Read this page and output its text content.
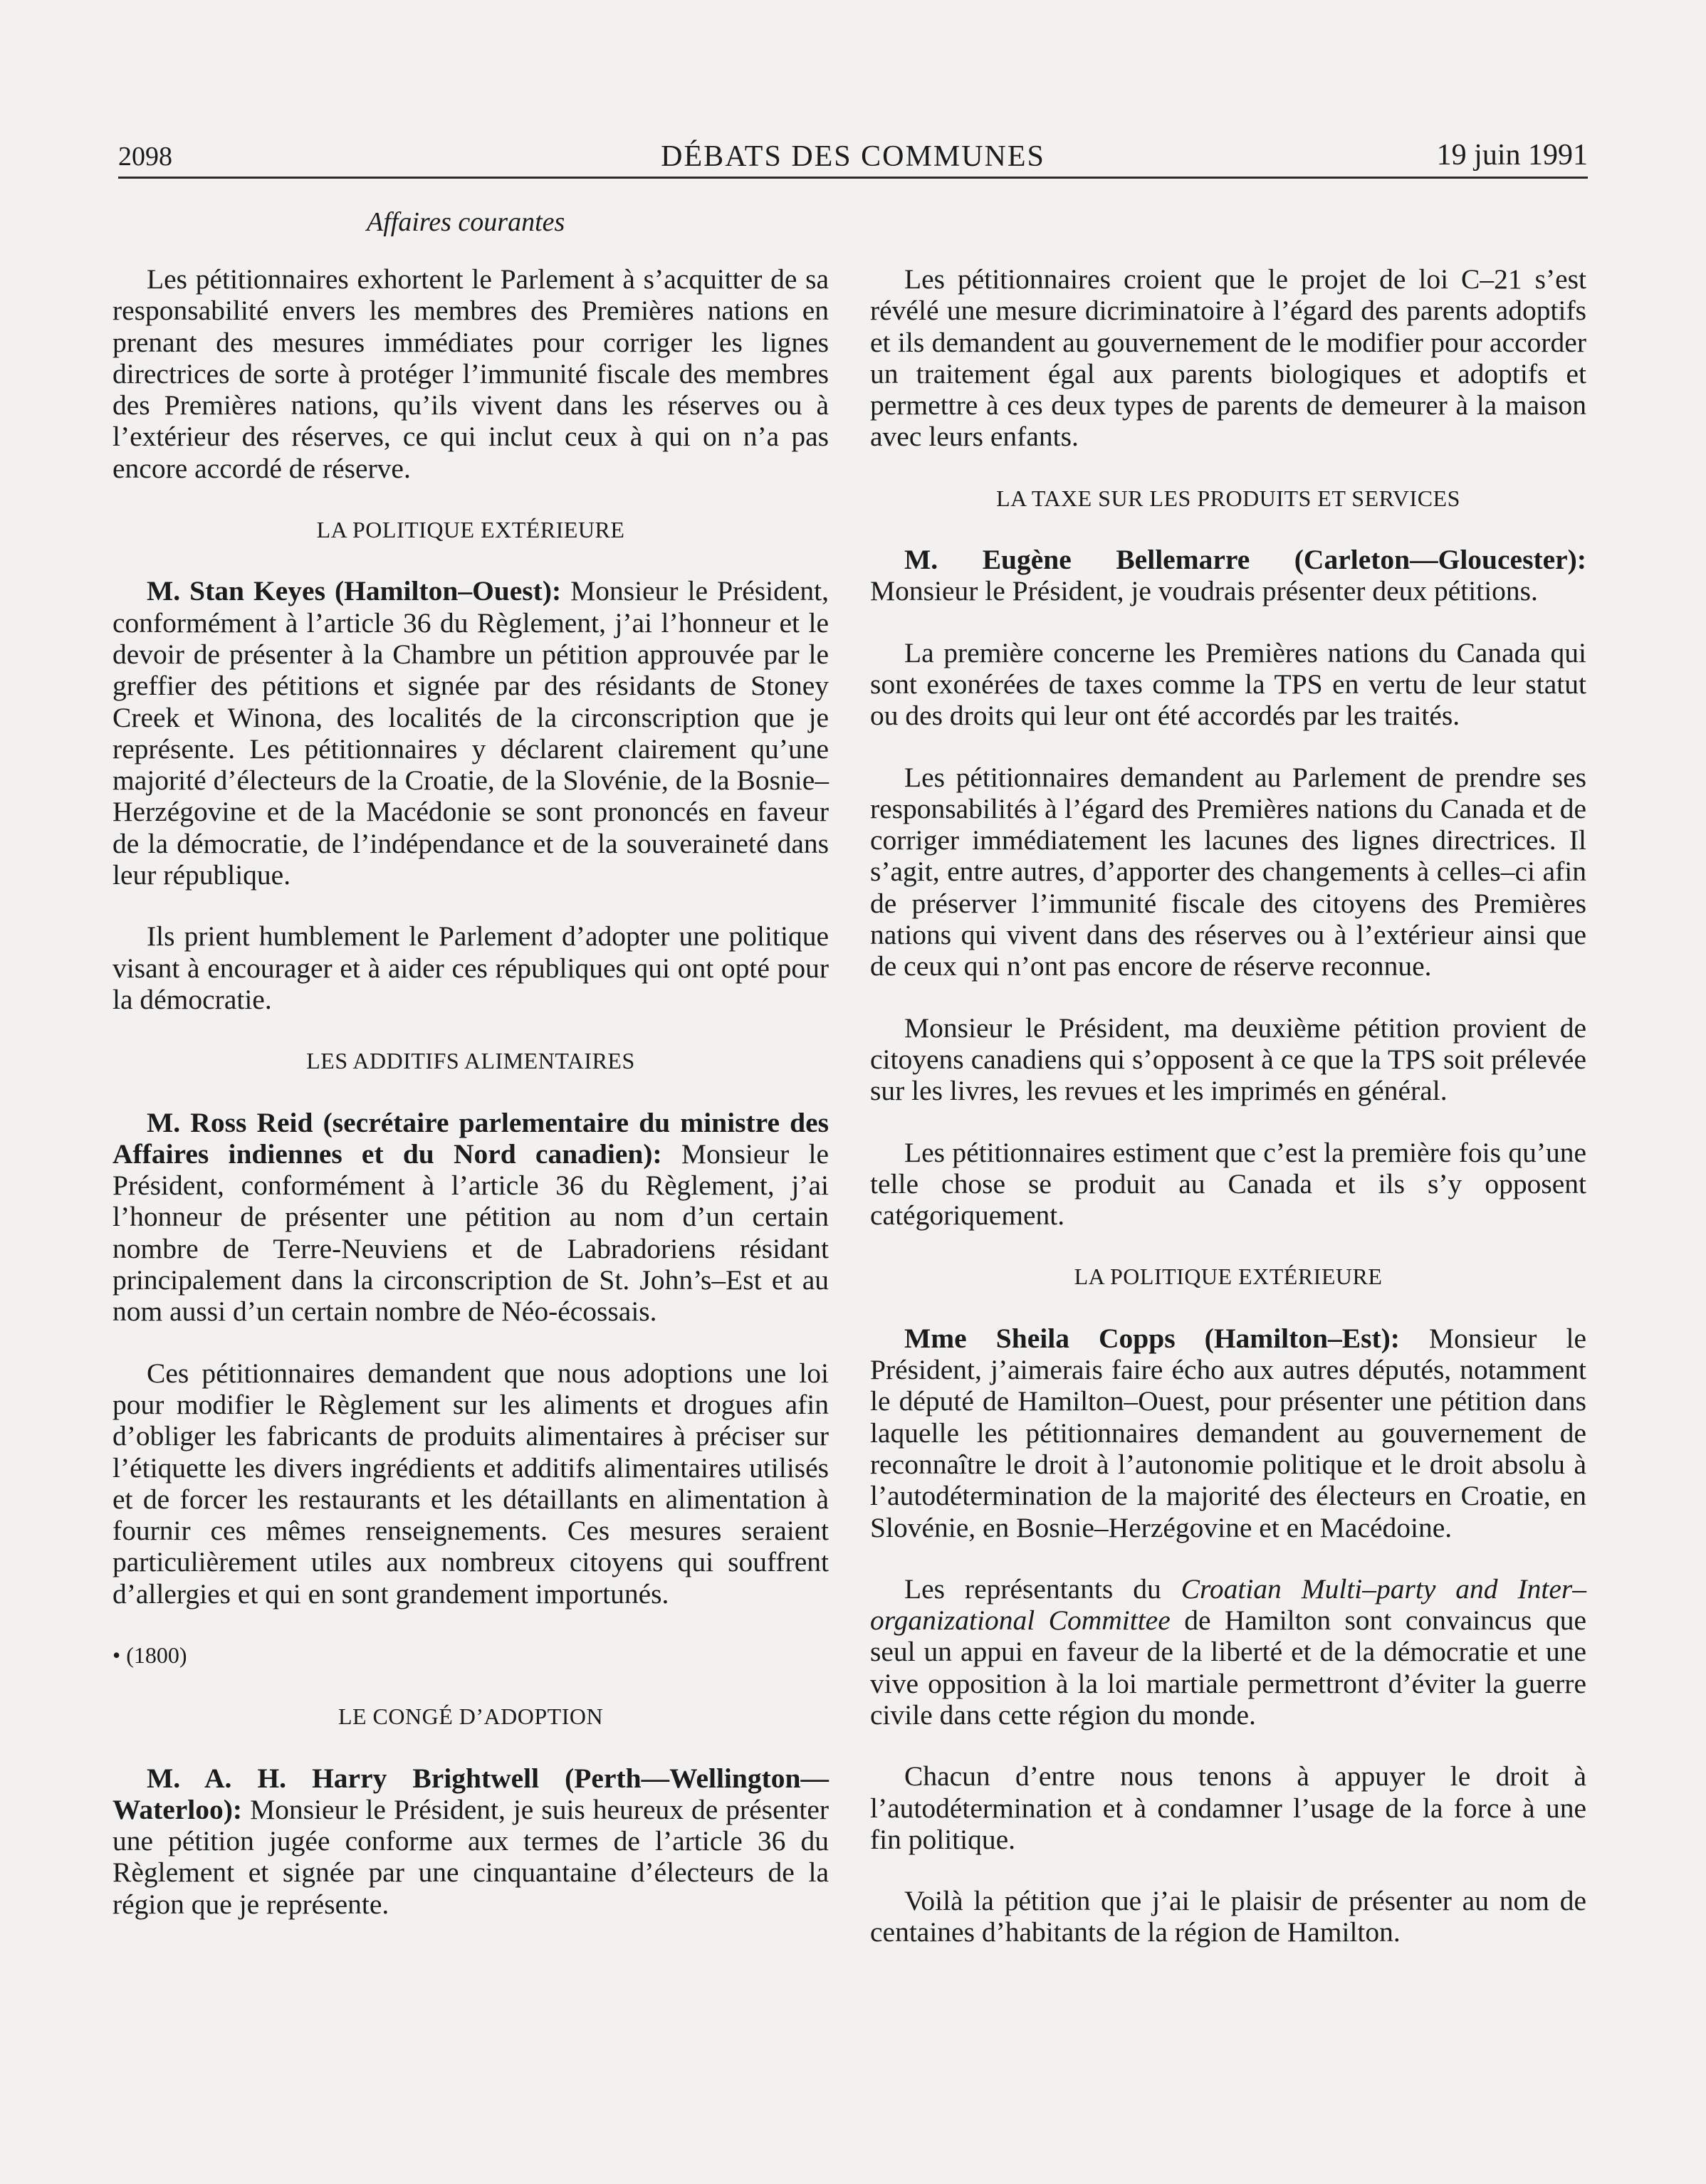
2098	DÉBATS DES COMMUNES	19 juin 1991
Affaires courantes

Les pétitionnaires exhortent le Parlement à s’acquitter de sa responsabilité envers les membres des Premières nations en prenant des mesures immédiates pour corriger les lignes directrices de sorte à protéger l’immunité fiscale des membres des Premières nations, qu’ils vivent dans les réserves ou à l’extérieur des réserves, ce qui inclut ceux à qui on n’a pas encore accordé de réserve.

LA POLITIQUE EXTÉRIEURE

M. Stan Keyes (Hamilton–Ouest): Monsieur le Président, conformément à l’article 36 du Règlement, j’ai l’honneur et le devoir de présenter à la Chambre un pétition approuvée par le greffier des pétitions et signée par des résidants de Stoney Creek et Winona, des localités de la circonscription que je représente. Les pétitionnaires y déclarent clairement qu’une majorité d’électeurs de la Croatie, de la Slovénie, de la Bosnie–Herzégovine et de la Macédonie se sont prononcés en faveur de la démocratie, de l’indépendance et de la souveraineté dans leur république.

Ils prient humblement le Parlement d’adopter une politique visant à encourager et à aider ces républiques qui ont opté pour la démocratie.

LES ADDITIFS ALIMENTAIRES

M. Ross Reid (secrétaire parlementaire du ministre des Affaires indiennes et du Nord canadien): Monsieur le Président, conformément à l’article 36 du Règlement, j’ai l’honneur de présenter une pétition au nom d’un certain nombre de Terre-Neuviens et de Labradoriens résidant principalement dans la circonscription de St. John’s–Est et au nom aussi d’un certain nombre de Néo-écossais.

Ces pétitionnaires demandent que nous adoptions une loi pour modifier le Règlement sur les aliments et drogues afin d’obliger les fabricants de produits alimentaires à préciser sur l’étiquette les divers ingrédients et additifs alimentaires utilisés et de forcer les restaurants et les détaillants en alimentation à fournir ces mêmes renseignements. Ces mesures seraient particulièrement utiles aux nombreux citoyens qui souffrent d’allergies et qui en sont grandement importunés.

• (1800)

LE CONGÉ D’ADOPTION

M. A. H. Harry Brightwell (Perth—Wellington—Waterloo): Monsieur le Président, je suis heureux de présenter une pétition jugée conforme aux termes de l’article 36 du Règlement et signée par une cinquantaine d’électeurs de la région que je représente.

Les pétitionnaires croient que le projet de loi C–21 s’est révélé une mesure dicriminatoire à l’égard des parents adoptifs et ils demandent au gouvernement de le modifier pour accorder un traitement égal aux parents biologiques et adoptifs et permettre à ces deux types de parents de demeurer à la maison avec leurs enfants.

LA TAXE SUR LES PRODUITS ET SERVICES

M. Eugène Bellemarre (Carleton—Gloucester): Monsieur le Président, je voudrais présenter deux pétitions.

La première concerne les Premières nations du Canada qui sont exonérées de taxes comme la TPS en vertu de leur statut ou des droits qui leur ont été accordés par les traités.

Les pétitionnaires demandent au Parlement de prendre ses responsabilités à l’égard des Premières nations du Canada et de corriger immédiatement les lacunes des lignes directrices. Il s’agit, entre autres, d’apporter des changements à celles–ci afin de préserver l’immunité fiscale des citoyens des Premières nations qui vivent dans des réserves ou à l’extérieur ainsi que de ceux qui n’ont pas encore de réserve reconnue.

Monsieur le Président, ma deuxième pétition provient de citoyens canadiens qui s’opposent à ce que la TPS soit prélevée sur les livres, les revues et les imprimés en général.

Les pétitionnaires estiment que c’est la première fois qu’une telle chose se produit au Canada et ils s’y opposent catégoriquement.

LA POLITIQUE EXTÉRIEURE

Mme Sheila Copps (Hamilton–Est): Monsieur le Président, j’aimerais faire écho aux autres députés, notamment le député de Hamilton–Ouest, pour présenter une pétition dans laquelle les pétitionnaires demandent au gouvernement de reconnaître le droit à l’autonomie politique et le droit absolu à l’autodétermination de la majorité des électeurs en Croatie, en Slovénie, en Bosnie–Herzégovine et en Macédoine.

Les représentants du Croatian Multi–party and Inter–organizational Committee de Hamilton sont convaincus que seul un appui en faveur de la liberté et de la démocratie et une vive opposition à la loi martiale permettront d’éviter la guerre civile dans cette région du monde.

Chacun d’entre nous tenons à appuyer le droit à l’autodétermination et à condamner l’usage de la force à une fin politique.

Voilà la pétition que j’ai le plaisir de présenter au nom de centaines d’habitants de la région de Hamilton.
